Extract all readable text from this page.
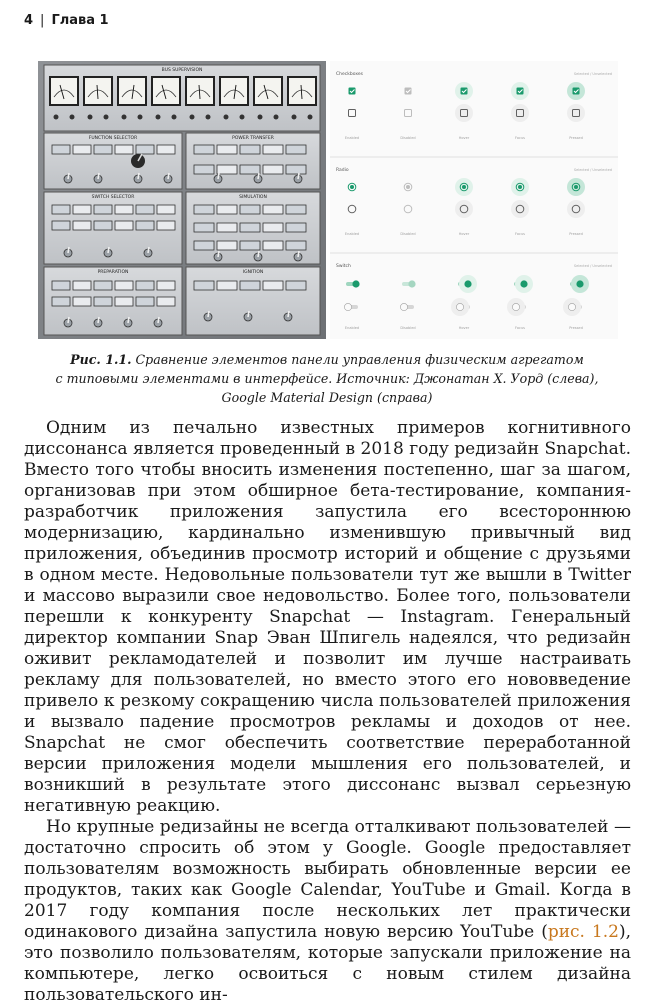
4 | Глава 1
BUS SUPERVISION
FUNCTION SELECTOR	POWER TRANSFER
SWITCH SELECTOR	SIMULATION
PREPARATION	IGNITION
Checkboxes	Selected / Unselected
Radio	Selected / Unselected
Switch	Selected / Unselected
Enabled	Disabled	Hover	Focus	Pressed
Enabled	Disabled	Hover	Focus	Pressed
Enabled	Disabled	Hover	Focus	Pressed
Рис. 1.1. Сравнение элементов панели управления физическим агрегатом
с типовыми элементами в интерфейсе. Источник: Джонатан Х. Уорд (слева),
Google Material Design (справа)

Одним из печально известных примеров когнитивного диссонанса является проведенный в 2018 году редизайн Snapchat. Вместо того чтобы вносить изменения постепенно, шаг за шагом, организовав при этом обширное бета-тестирование, компания-разработчик приложения запустила его всестороннюю модернизацию, кардинально изменившую привычный вид приложения, объединив просмотр историй и общение с друзьями в одном месте. Недовольные пользователи тут же вышли в Twitter и массово выразили свое недовольство. Более того, пользователи перешли к конкуренту Snapchat — Instagram. Генеральный директор компании Snap Эван Шпигель надеялся, что редизайн оживит рекламодателей и позволит им лучше настраивать рекламу для пользователей, но вместо этого его нововведение привело к резкому сокращению числа пользователей приложения и вызвало падение просмотров рекламы и доходов от нее. Snapchat не смог обеспечить соответствие переработанной версии приложения модели мышления его пользователей, и возникший в результате этого диссонанс вызвал серьезную негативную реакцию.

Но крупные редизайны не всегда отталкивают пользователей —достаточно спросить об этом у Google. Google предоставляет пользователям возможность выбирать обновленные версии ее продуктов, таких как Google Calendar, YouTube и Gmail. Когда в 2017 году компания после нескольких лет практически одинакового дизайна запустила новую версию YouTube (рис. 1.2), это позволило пользователям, которые запускали приложение на компьютере, легко освоиться с новым стилем дизайна пользовательского ин-
